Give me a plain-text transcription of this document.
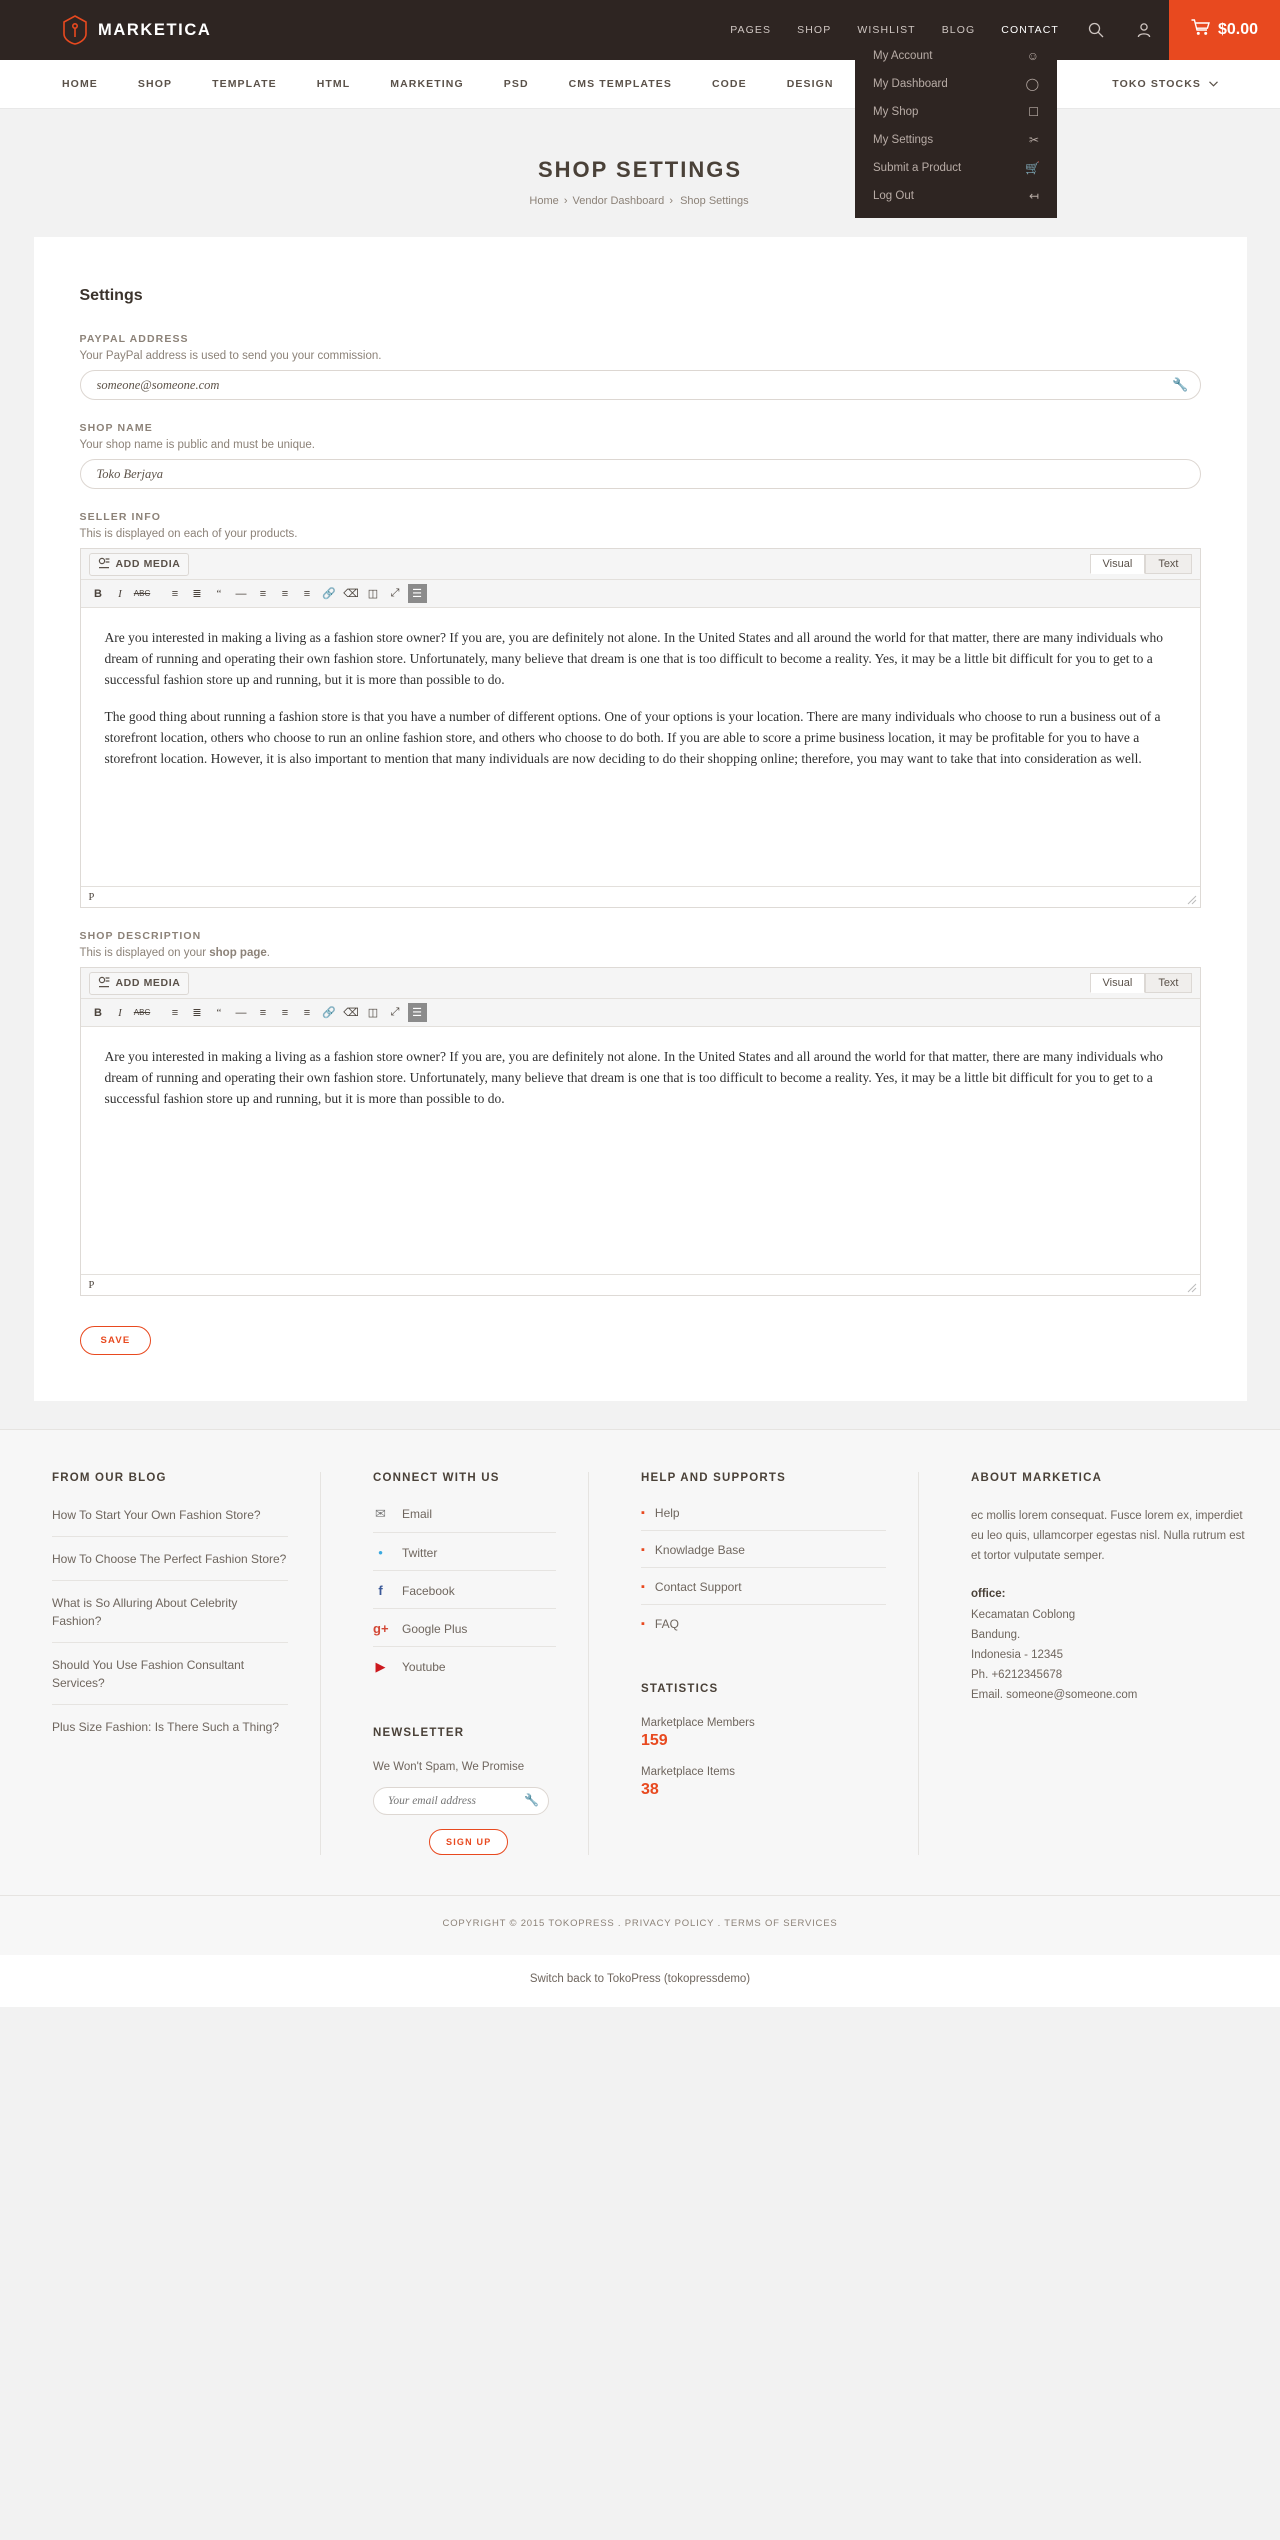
MARKETICA	PAGES SHOP WISHLIST BLOG CONTACT	$0.00
HOME	SHOP	TEMPLATE	HTML	MARKETING	PSD	CMS TEMPLATES	CODE	DESIGN	TOKO STOCKS
My Account	☺
My Dashboard	◯
My Shop	☐
My Settings	✂
Submit a Product	🛒
Log Out	↤
SHOP SETTINGS
Home › Vendor Dashboard › Shop Settings
Settings
PAYPAL ADDRESS
Your PayPal address is used to send you your commission.
someone@someone.com
🔧
SHOP NAME
Your shop name is public and must be unique.
Toko Berjaya
SELLER INFO
This is displayed on each of your products.
ADD MEDIA	Visual	Text
B	I	ABC	≡	≣	“	—	≡	≡	≡	🔗 ⌫ ◫	⤢	☰

Are you interested in making a living as a fashion store owner? If you are, you are definitely not alone. In the United States and all around the world for that matter, there are many individuals who dream of running and operating their own fashion store. Unfortunately, many believe that dream is one that is too difficult to become a reality. Yes, it may be a little bit difficult for you to get to a successful fashion store up and running, but it is more than possible to do.

The good thing about running a fashion store is that you have a number of different options. One of your options is your location. There are many individuals who choose to run a business out of a storefront location, others who choose to run an online fashion store, and others who choose to do both. If you are able to score a prime business location, it may be profitable for you to have a storefront location. However, it is also important to mention that many individuals are now deciding to do their shopping online; therefore, you may want to take that into consideration as well.

P
SHOP DESCRIPTION
This is displayed on your shop page.
ADD MEDIA	Visual	Text
B	I	ABC	≡	≣	“	—	≡	≡	≡	🔗 ⌫ ◫	⤢	☰

Are you interested in making a living as a fashion store owner? If you are, you are definitely not alone. In the United States and all around the world for that matter, there are many individuals who dream of running and operating their own fashion store. Unfortunately, many believe that dream is one that is too difficult to become a reality. Yes, it may be a little bit difficult for you to get to a successful fashion store up and running, but it is more than possible to do.

P
SAVE
FROM OUR BLOG
How To Start Your Own Fashion Store?
How To Choose The Perfect Fashion Store?
What is So Alluring About Celebrity Fashion?
Should You Use Fashion Consultant Services?
Plus Size Fashion: Is There Such a Thing?
CONNECT WITH US
✉ Email
•	Twitter
f	Facebook
g+ Google Plus
▶ Youtube
NEWSLETTER
We Won't Spam, We Promise
Your email address
🔧
SIGN UP
HELP AND SUPPORTS
▪ Help
▪ Knowladge Base
▪ Contact Support
▪ FAQ
STATISTICS
Marketplace Members
159
Marketplace Items
38
ABOUT MARKETICA
ec mollis lorem consequat. Fusce lorem ex, imperdiet eu leo quis, ullamcorper egestas nisl. Nulla rutrum est et tortor vulputate semper.
office:
Kecamatan Coblong
Bandung.
Indonesia - 12345
Ph. +6212345678
Email. someone@someone.com
COPYRIGHT © 2015 TOKOPRESS . PRIVACY POLICY . TERMS OF SERVICES
Switch back to TokoPress (tokopressdemo)
